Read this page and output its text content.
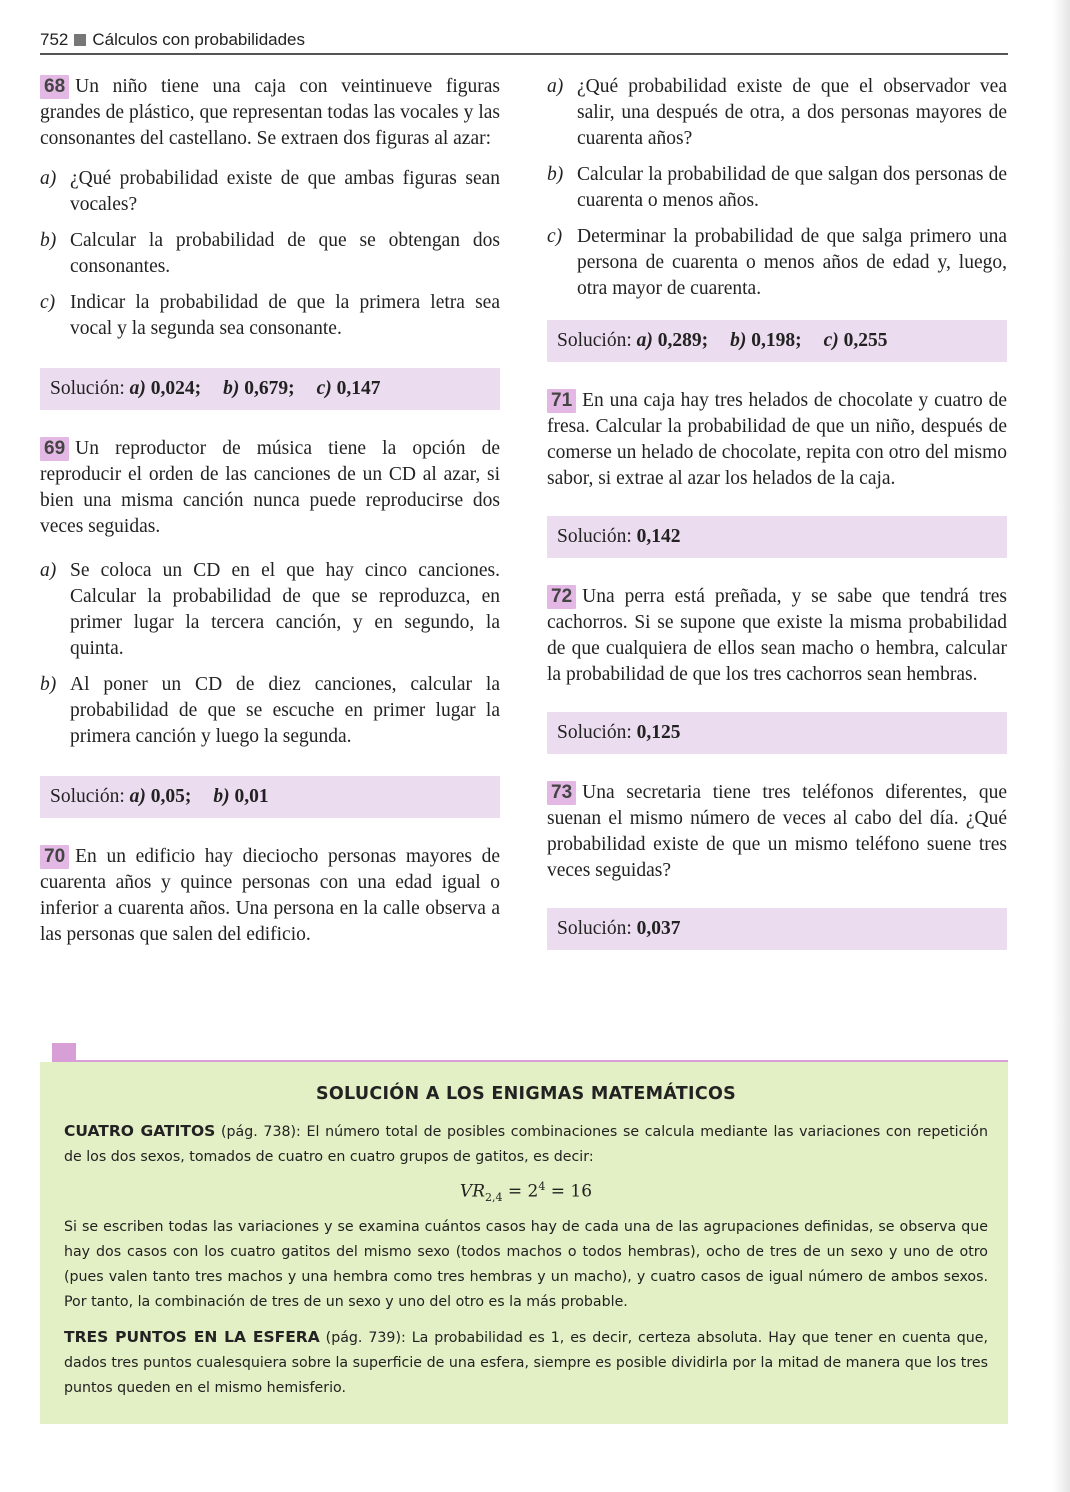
752 Cálculos con probabilidades

68 Un niño tiene una caja con veintinueve figuras grandes de plástico, que representan todas las vocales y las consonantes del castellano. Se extraen dos figuras al azar:

a) ¿Qué probabilidad existe de que ambas figuras sean vocales?
b) Calcular la probabilidad de que se obtengan dos consonantes.
c) Indicar la probabilidad de que la primera letra sea vocal y la segunda sea consonante.
Solución:
a)
0,024; b)
0,679; c)
0,147

69 Un reproductor de música tiene la opción de reproducir el orden de las canciones de un CD al azar, si bien una misma canción nunca puede reproducirse dos veces seguidas.

a) Se coloca un CD en el que hay cinco canciones. Calcular la probabilidad de que se reproduzca, en primer lugar la tercera canción, y en segundo, la quinta.
b) Al poner un CD de diez canciones, calcular la probabilidad de que se escuche en primer lugar la primera canción y luego la segunda.
Solución:
a)
0,05; b)
0,01

70 En un edificio hay dieciocho personas mayores de cuarenta años y quince personas con una edad igual o inferior a cuarenta años. Una persona en la calle observa a las personas que salen del edificio.

a) ¿Qué probabilidad existe de que el observador vea salir, una después de otra, a dos personas mayores de cuarenta años?
b) Calcular la probabilidad de que salgan dos personas de cuarenta o menos años.
c) Determinar la probabilidad de que salga primero una persona de cuarenta o menos años de edad y, luego, otra mayor de cuarenta.
Solución:
a)
0,289; b)
0,198; c)
0,255

71 En una caja hay tres helados de chocolate y cuatro de fresa. Calcular la probabilidad de que un niño, después de comerse un helado de chocolate, repita con otro del mismo sabor, si extrae al azar los helados de la caja.

Solución:
0,142

72 Una perra está preñada, y se sabe que tendrá tres cachorros. Si se supone que existe la misma probabilidad de que cualquiera de ellos sean macho o hembra, calcular la probabilidad de que los tres cachorros sean hembras.

Solución:
0,125

73 Una secretaria tiene tres teléfonos diferentes, que suenan el mismo número de veces al cabo del día. ¿Qué probabilidad existe de que un mismo teléfono suene tres veces seguidas?

Solución:
0,037
SOLUCIÓN A LOS ENIGMAS MATEMÁTICOS

CUATRO GATITOS (pág. 738): El número total de posibles combinaciones se calcula mediante las variaciones con repetición de los dos sexos, tomados de cuatro en cuatro grupos de gatitos, es decir:

$VR_{2,4} = 2^4 = 16$

Si se escriben todas las variaciones y se examina cuántos casos hay de cada una de las agrupaciones definidas, se observa que hay dos casos con los cuatro gatitos del mismo sexo (todos machos o todos hembras), ocho de tres de un sexo y uno de otro (pues valen tanto tres machos y una hembra como tres hembras y un macho), y cuatro casos de igual número de ambos sexos. Por tanto, la combinación de tres de un sexo y uno del otro es la más probable.

TRES PUNTOS EN LA ESFERA (pág. 739): La probabilidad es 1, es decir, certeza absoluta. Hay que tener en cuenta que, dados tres puntos cualesquiera sobre la superficie de una esfera, siempre es posible dividirla por la mitad de manera que los tres puntos queden en el mismo hemisferio.
